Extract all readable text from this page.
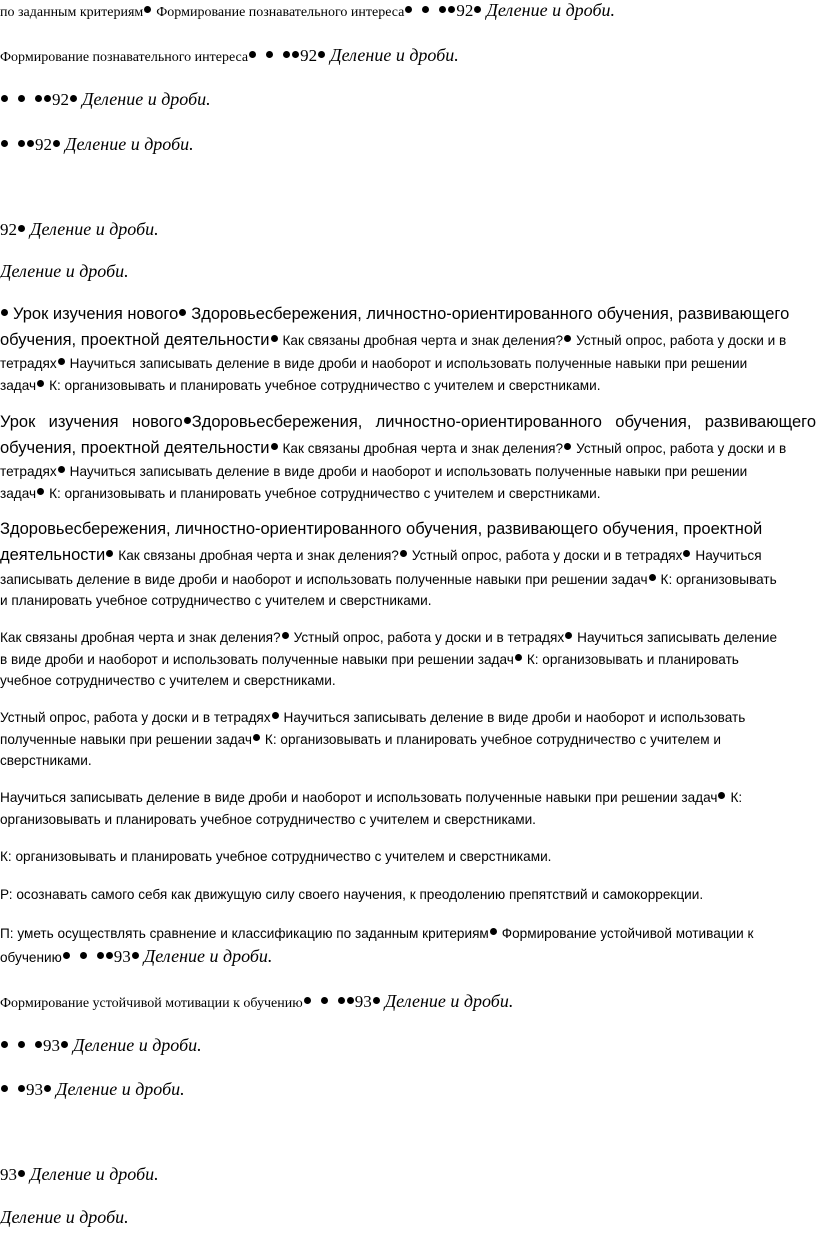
по заданным критериям Формирование познавательного интереса	92 Деление и дроби.
Формирование познавательного интереса	92 Деление и дроби.
92 Деление и дроби.
92 Деление и дроби.
92 Деление и дроби.
Деление и дроби.
Урок изучения нового Здоровьесбережения, личностно-ориентированного обучения, развивающего
обучения, проектной деятельности Как связаны дробная черта и знак деления? Устный опрос, работа у доски и в
тетрадях Научиться записывать деление в виде дроби и наоборот и использовать полученные навыки при решении
задач К: организовывать и планировать учебное сотрудничество с учителем и сверстниками.
Урок изучения нового Здоровьесбережения, личностно-ориентированного обучения, развивающего
обучения, проектной деятельности Как связаны дробная черта и знак деления? Устный опрос, работа у доски и в
тетрадях Научиться записывать деление в виде дроби и наоборот и использовать полученные навыки при решении
задач К: организовывать и планировать учебное сотрудничество с учителем и сверстниками.
Здоровьесбережения, личностно-ориентированного обучения, развивающего обучения, проектной
деятельности Как связаны дробная черта и знак деления? Устный опрос, работа у доски и в тетрадях Научиться
записывать деление в виде дроби и наоборот и использовать полученные навыки при решении задач К: организовывать
и планировать учебное сотрудничество с учителем и сверстниками.
Как связаны дробная черта и знак деления? Устный опрос, работа у доски и в тетрадях Научиться записывать деление
в виде дроби и наоборот и использовать полученные навыки при решении задач К: организовывать и планировать
учебное сотрудничество с учителем и сверстниками.
Устный опрос, работа у доски и в тетрадях Научиться записывать деление в виде дроби и наоборот и использовать
полученные навыки при решении задач К: организовывать и планировать учебное сотрудничество с учителем и
сверстниками.
Научиться записывать деление в виде дроби и наоборот и использовать полученные навыки при решении задач К:
организовывать и планировать учебное сотрудничество с учителем и сверстниками.
К: организовывать и планировать учебное сотрудничество с учителем и сверстниками.
Р: осознавать самого себя как движущую силу своего научения, к преодолению препятствий и самокоррекции.
П: уметь осуществлять сравнение и классификацию по заданным критериям Формирование устойчивой мотивации к
обучению	93 Деление и дроби.
Формирование устойчивой мотивации к обучению	93 Деление и дроби.
93 Деление и дроби.
93 Деление и дроби.
93 Деление и дроби.
Деление и дроби.
